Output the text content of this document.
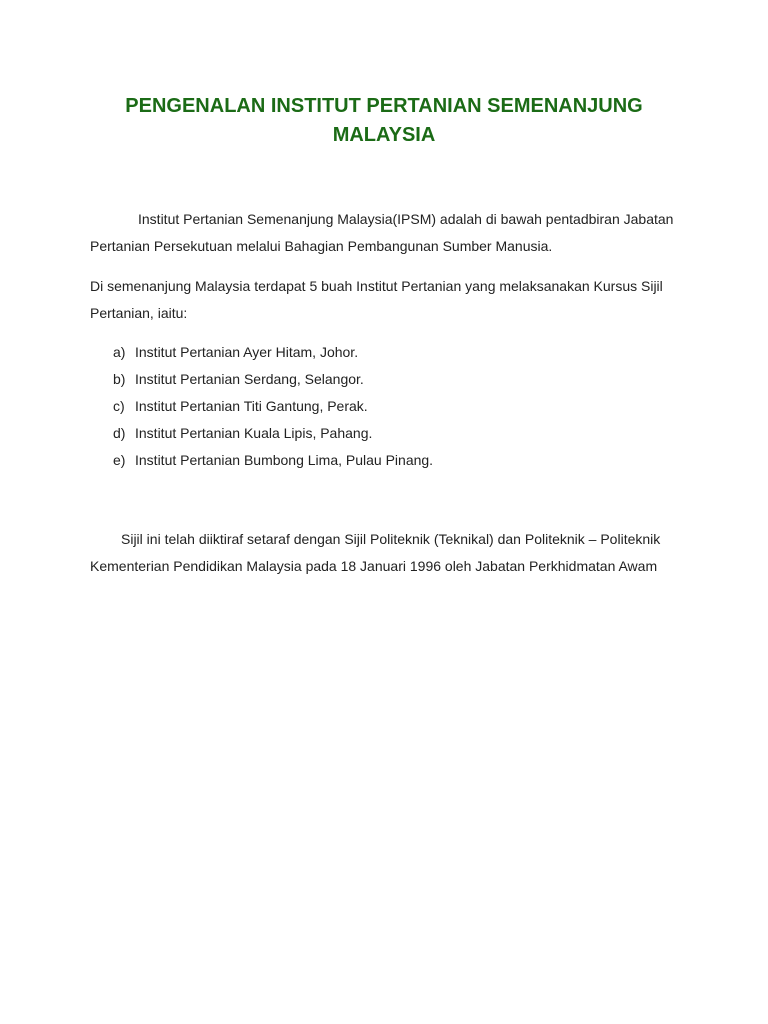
PENGENALAN INSTITUT PERTANIAN SEMENANJUNG
MALAYSIA

Institut Pertanian Semenanjung Malaysia(IPSM) adalah di bawah pentadbiran Jabatan Pertanian Persekutuan melalui Bahagian Pembangunan Sumber Manusia.

Di semenanjung Malaysia terdapat 5 buah Institut Pertanian yang melaksanakan Kursus Sijil Pertanian, iaitu:

a) Institut Pertanian Ayer Hitam, Johor.
b) Institut Pertanian Serdang, Selangor.
c) Institut Pertanian Titi Gantung, Perak.
d) Institut Pertanian Kuala Lipis, Pahang.
e) Institut Pertanian Bumbong Lima, Pulau Pinang.

Sijil ini telah diiktiraf setaraf dengan Sijil Politeknik (Teknikal) dan Politeknik – Politeknik Kementerian Pendidikan Malaysia pada 18 Januari 1996 oleh Jabatan Perkhidmatan Awam
